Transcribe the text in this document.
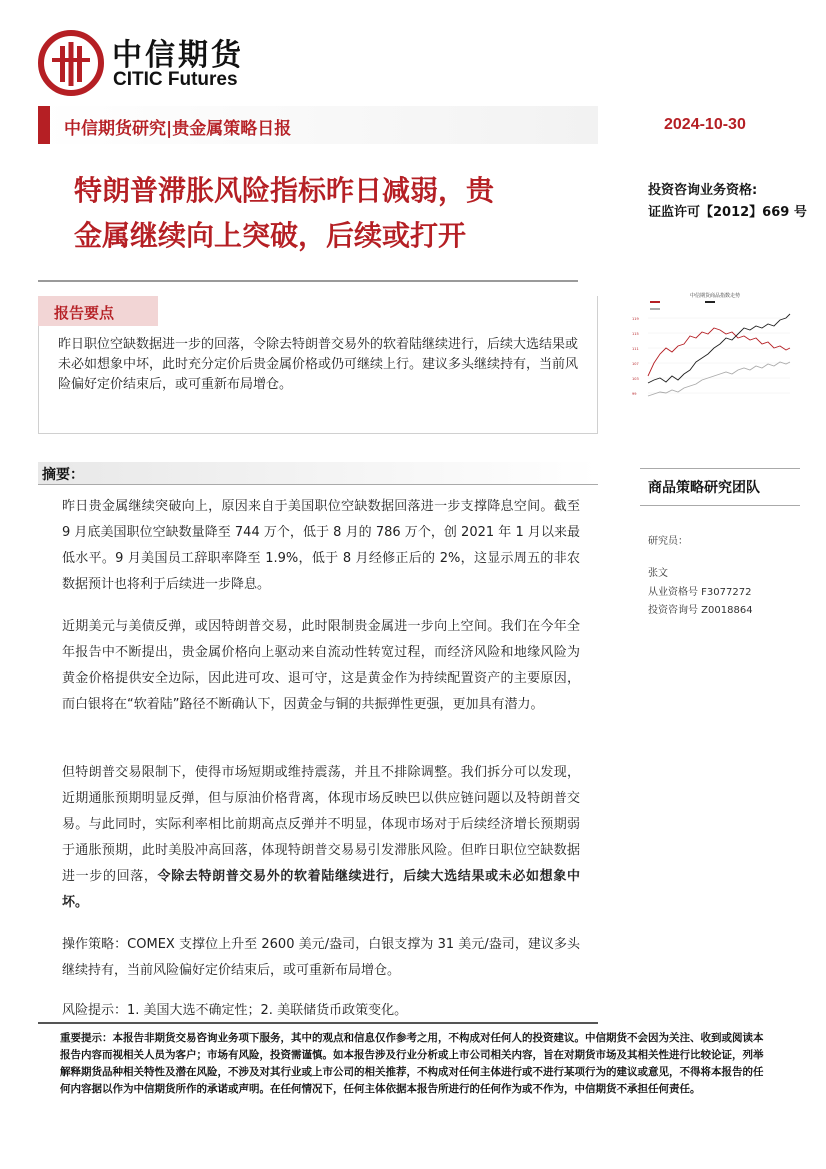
中信期货
CITIC Futures
中信期货研究|贵金属策略日报	2024-10-30
特朗普滞胀风险指标昨日减弱，贵
金属继续向上突破，后续或打开
投资咨询业务资格:
证监许可【2012】669 号
报告要点
昨日职位空缺数据进一步的回落，令除去特朗普交易外的软着陆继续进行，后续大选结果或未必如想象中坏，此时充分定价后贵金属价格或仍可继续上行。建议多头继续持有，当前风险偏好定价结束后，或可重新布局增仓。
中信期货商品指数走势
119
115
111
107
103
99
摘要：
商品策略研究团队
研究员：
张文
从业资格号 F3077272
投资咨询号 Z0018864
昨日贵金属继续突破向上，原因来自于美国职位空缺数据回落进一步支撑降息空间。截至 9 月底美国职位空缺数量降至 744 万个，低于 8 月的 786 万个，创 2021 年 1 月以来最低水平。9 月美国员工辞职率降至 1.9%，低于 8 月经修正后的 2%，这显示周五的非农数据预计也将利于后续进一步降息。
近期美元与美债反弹，或因特朗普交易，此时限制贵金属进一步向上空间。我们在今年全年报告中不断提出，贵金属价格向上驱动来自流动性转宽过程，而经济风险和地缘风险为黄金价格提供安全边际，因此进可攻、退可守，这是黄金作为持续配置资产的主要原因，而白银将在“软着陆”路径不断确认下，因黄金与铜的共振弹性更强，更加具有潜力。
但特朗普交易限制下，使得市场短期或维持震荡，并且不排除调整。我们拆分可以发现，近期通胀预期明显反弹，但与原油价格背离，体现市场反映巴以供应链问题以及特朗普交易。与此同时，实际利率相比前期高点反弹并不明显，体现市场对于后续经济增长预期弱于通胀预期，此时美股冲高回落，体现特朗普交易易引发滞胀风险。但昨日职位空缺数据进一步的回落，令除去特朗普交易外的软着陆继续进行，后续大选结果或未必如想象中坏。
操作策略：COMEX 支撑位上升至 2600 美元/盎司，白银支撑为 31 美元/盎司，建议多头继续持有，当前风险偏好定价结束后，或可重新布局增仓。
风险提示：1. 美国大选不确定性；2. 美联储货币政策变化。
重要提示：本报告非期货交易咨询业务项下服务，其中的观点和信息仅作参考之用，不构成对任何人的投资建议。中信期货不会因为关注、收到或阅读本报告内容而视相关人员为客户；市场有风险，投资需谨慎。如本报告涉及行业分析或上市公司相关内容，旨在对期货市场及其相关性进行比较论证，列举解释期货品种相关特性及潜在风险，不涉及对其行业或上市公司的相关推荐，不构成对任何主体进行或不进行某项行为的建议或意见，不得将本报告的任何内容据以作为中信期货所作的承诺或声明。在任何情况下，任何主体依据本报告所进行的任何作为或不作为，中信期货不承担任何责任。
